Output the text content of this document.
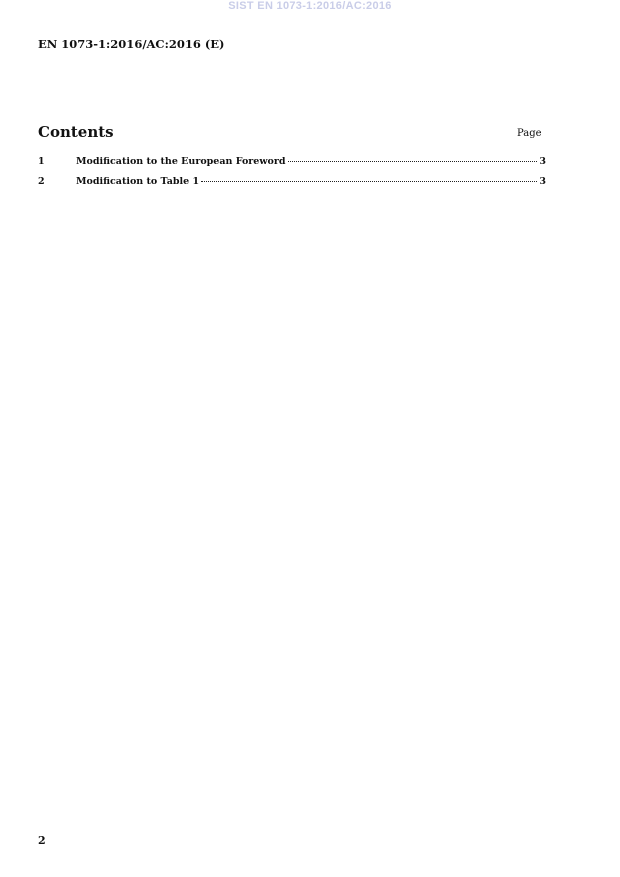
SIST EN 1073-1:2016/AC:2016
EN 1073-1:2016/AC:2016 (E)
Contents	Page
1	Modification to the European Foreword	3
2	Modification to Table 1	3
2
